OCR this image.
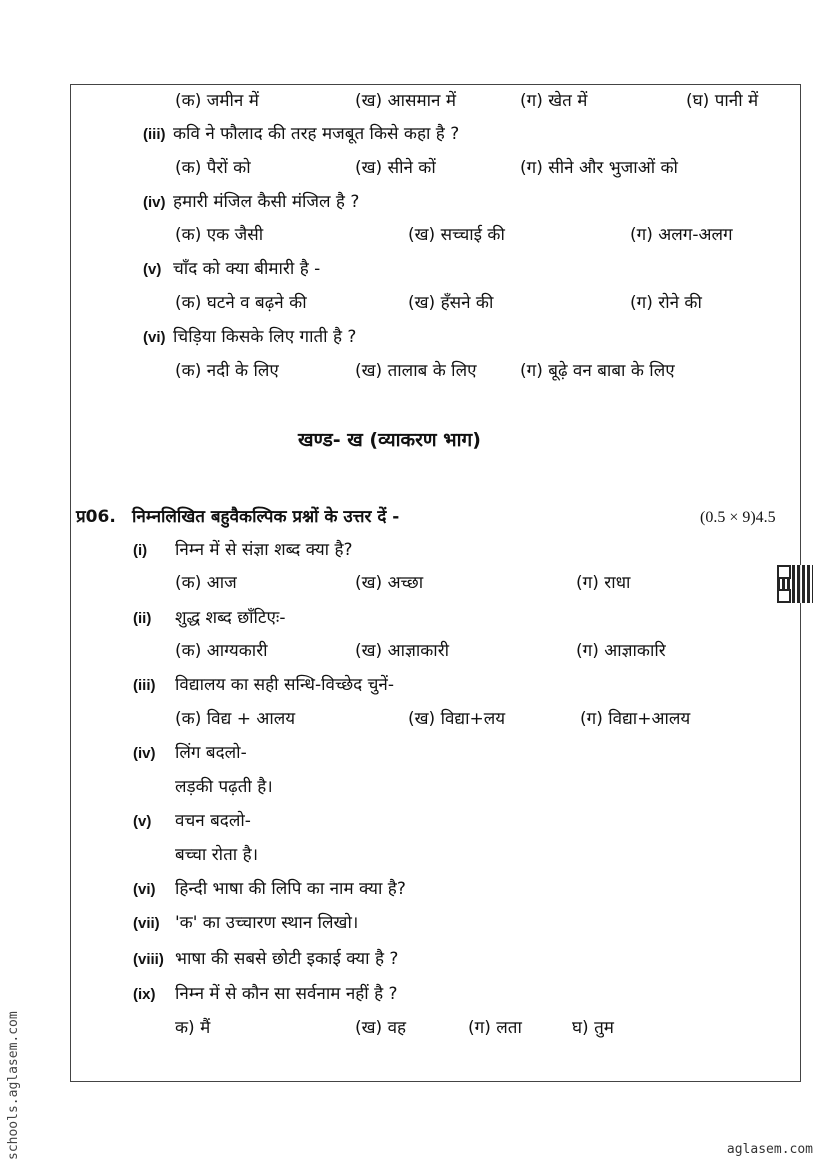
(क) जमीन में	(ख) आसमान में	(ग) खेत में	(घ) पानी में
(iii) कवि ने फौलाद की तरह मजबूत किसे कहा है ?
(क) पैरों को	(ख) सीने कों	(ग) सीने और भुजाओं को
(iv) हमारी मंजिल कैसी मंजिल है ?
(क) एक जैसी	(ख) सच्चाई की	(ग) अलग-अलग
(v) चाँद को क्या बीमारी है -
(क) घटने व बढ़ने की	(ख) हँसने की	(ग) रोने की
(vi) चिड़िया किसके लिए गाती है ?
(क) नदी के लिए	(ख) तालाब के लिए	(ग) बूढ़े वन बाबा के लिए
(i) निम्न में से संज्ञा शब्द क्या है?
(क) आज	(ख) अच्छा	(ग) राधा
(ii) शुद्ध शब्द छाँटिएः-
(क) आग्यकारी	(ख) आज्ञाकारी	(ग) आज्ञाकारि
(iii) विद्यालय का सही सन्धि-विच्छेद चुनें-
(क) विद्य + आलय	(ख) विद्या+लय	(ग) विद्या+आलय
(iv) लिंग बदलो-
लड़की पढ़ती है।
(v) वचन बदलो-
बच्चा रोता है।
(vi) हिन्दी भाषा की लिपि का नाम क्या है?
(vii) 'क' का उच्चारण स्थान लिखो।
(viii) भाषा की सबसे छोटी इकाई क्या है ?
(ix) निम्न में से कौन सा सर्वनाम नहीं है ?
क) मैं	(ख) वह	(ग) लता	घ) तुम
खण्ड- ख (व्याकरण भाग)
प्र06. निम्नलिखित बहुवैकल्पिक प्रश्नों के उत्तर दें -	(0.5 × 9)4.5
schools.aglasem.com	aglasem.com
